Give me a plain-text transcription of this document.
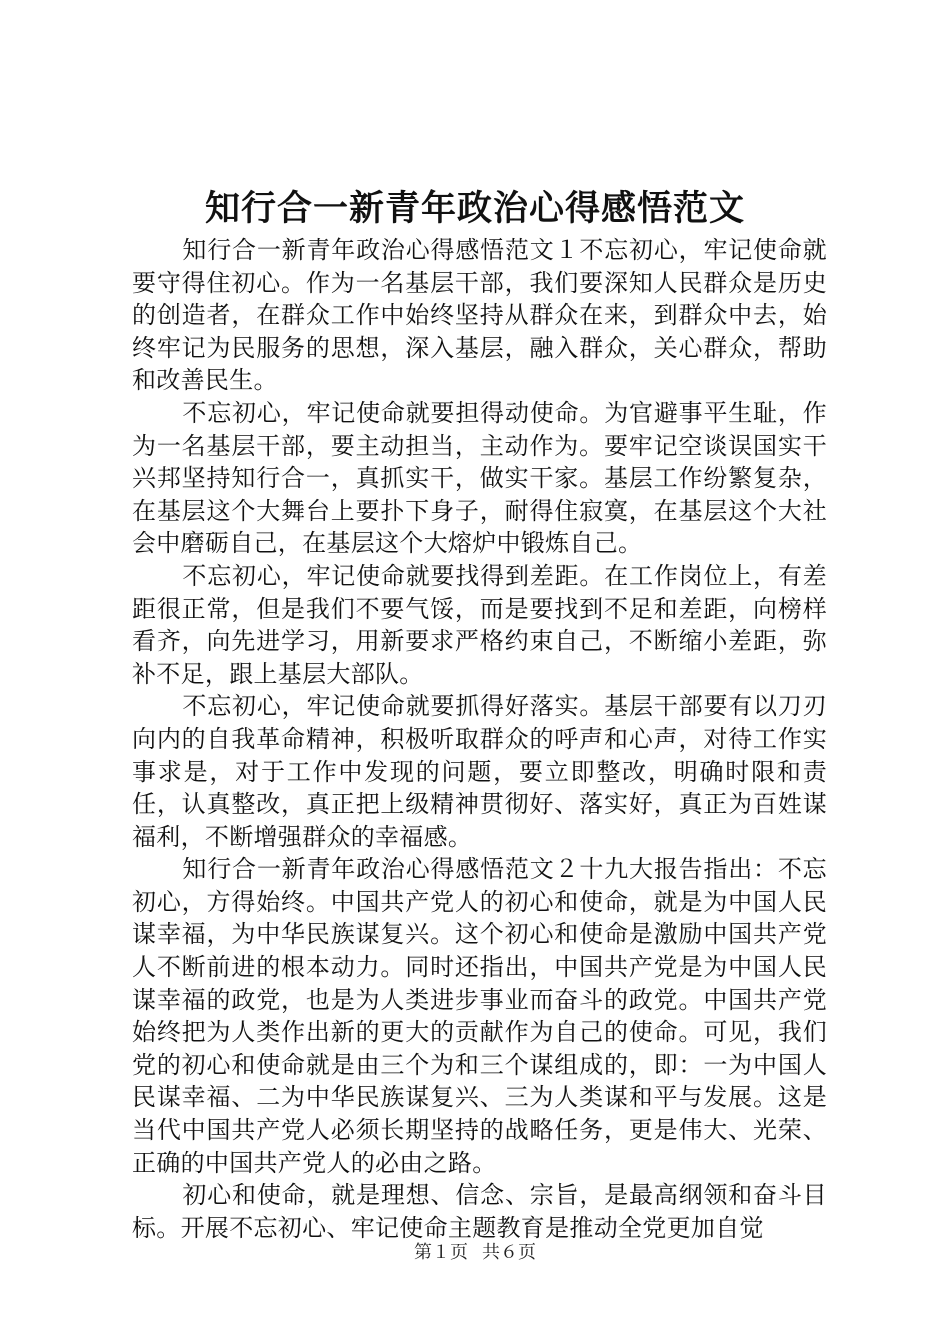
知行合一新青年政治心得感悟范文

知行合一新青年政治心得感悟范文１不忘初心，牢记使命就要守得住初心。作为一名基层干部，我们要深知人民群众是历史的创造者，在群众工作中始终坚持从群众在来，到群众中去，始终牢记为民服务的思想，深入基层，融入群众，关心群众，帮助和改善民生。

不忘初心，牢记使命就要担得动使命。为官避事平生耻，作为一名基层干部，要主动担当，主动作为。要牢记空谈误国实干兴邦坚持知行合一，真抓实干，做实干家。基层工作纷繁复杂，在基层这个大舞台上要扑下身子，耐得住寂寞，在基层这个大社会中磨砺自己，在基层这个大熔炉中锻炼自己。

不忘初心，牢记使命就要找得到差距。在工作岗位上，有差距很正常，但是我们不要气馁，而是要找到不足和差距，向榜样看齐，向先进学习，用新要求严格约束自己，不断缩小差距，弥补不足，跟上基层大部队。

不忘初心，牢记使命就要抓得好落实。基层干部要有以刀刃向内的自我革命精神，积极听取群众的呼声和心声，对待工作实事求是，对于工作中发现的问题，要立即整改，明确时限和责任，认真整改，真正把上级精神贯彻好、落实好，真正为百姓谋福利，不断增强群众的幸福感。

知行合一新青年政治心得感悟范文２十九大报告指出：不忘初心，方得始终。中国共产党人的初心和使命，就是为中国人民谋幸福，为中华民族谋复兴。这个初心和使命是激励中国共产党人不断前进的根本动力。同时还指出，中国共产党是为中国人民谋幸福的政党，也是为人类进步事业而奋斗的政党。中国共产党始终把为人类作出新的更大的贡献作为自己的使命。可见，我们党的初心和使命就是由三个为和三个谋组成的，即：一为中国人民谋幸福、二为中华民族谋复兴、三为人类谋和平与发展。这是当代中国共产党人必须长期坚持的战略任务，更是伟大、光荣、正确的中国共产党人的必由之路。

初心和使命，就是理想、信念、宗旨，是最高纲领和奋斗目标。开展不忘初心、牢记使命主题教育是推动全党更加自觉

第１页 共６页
